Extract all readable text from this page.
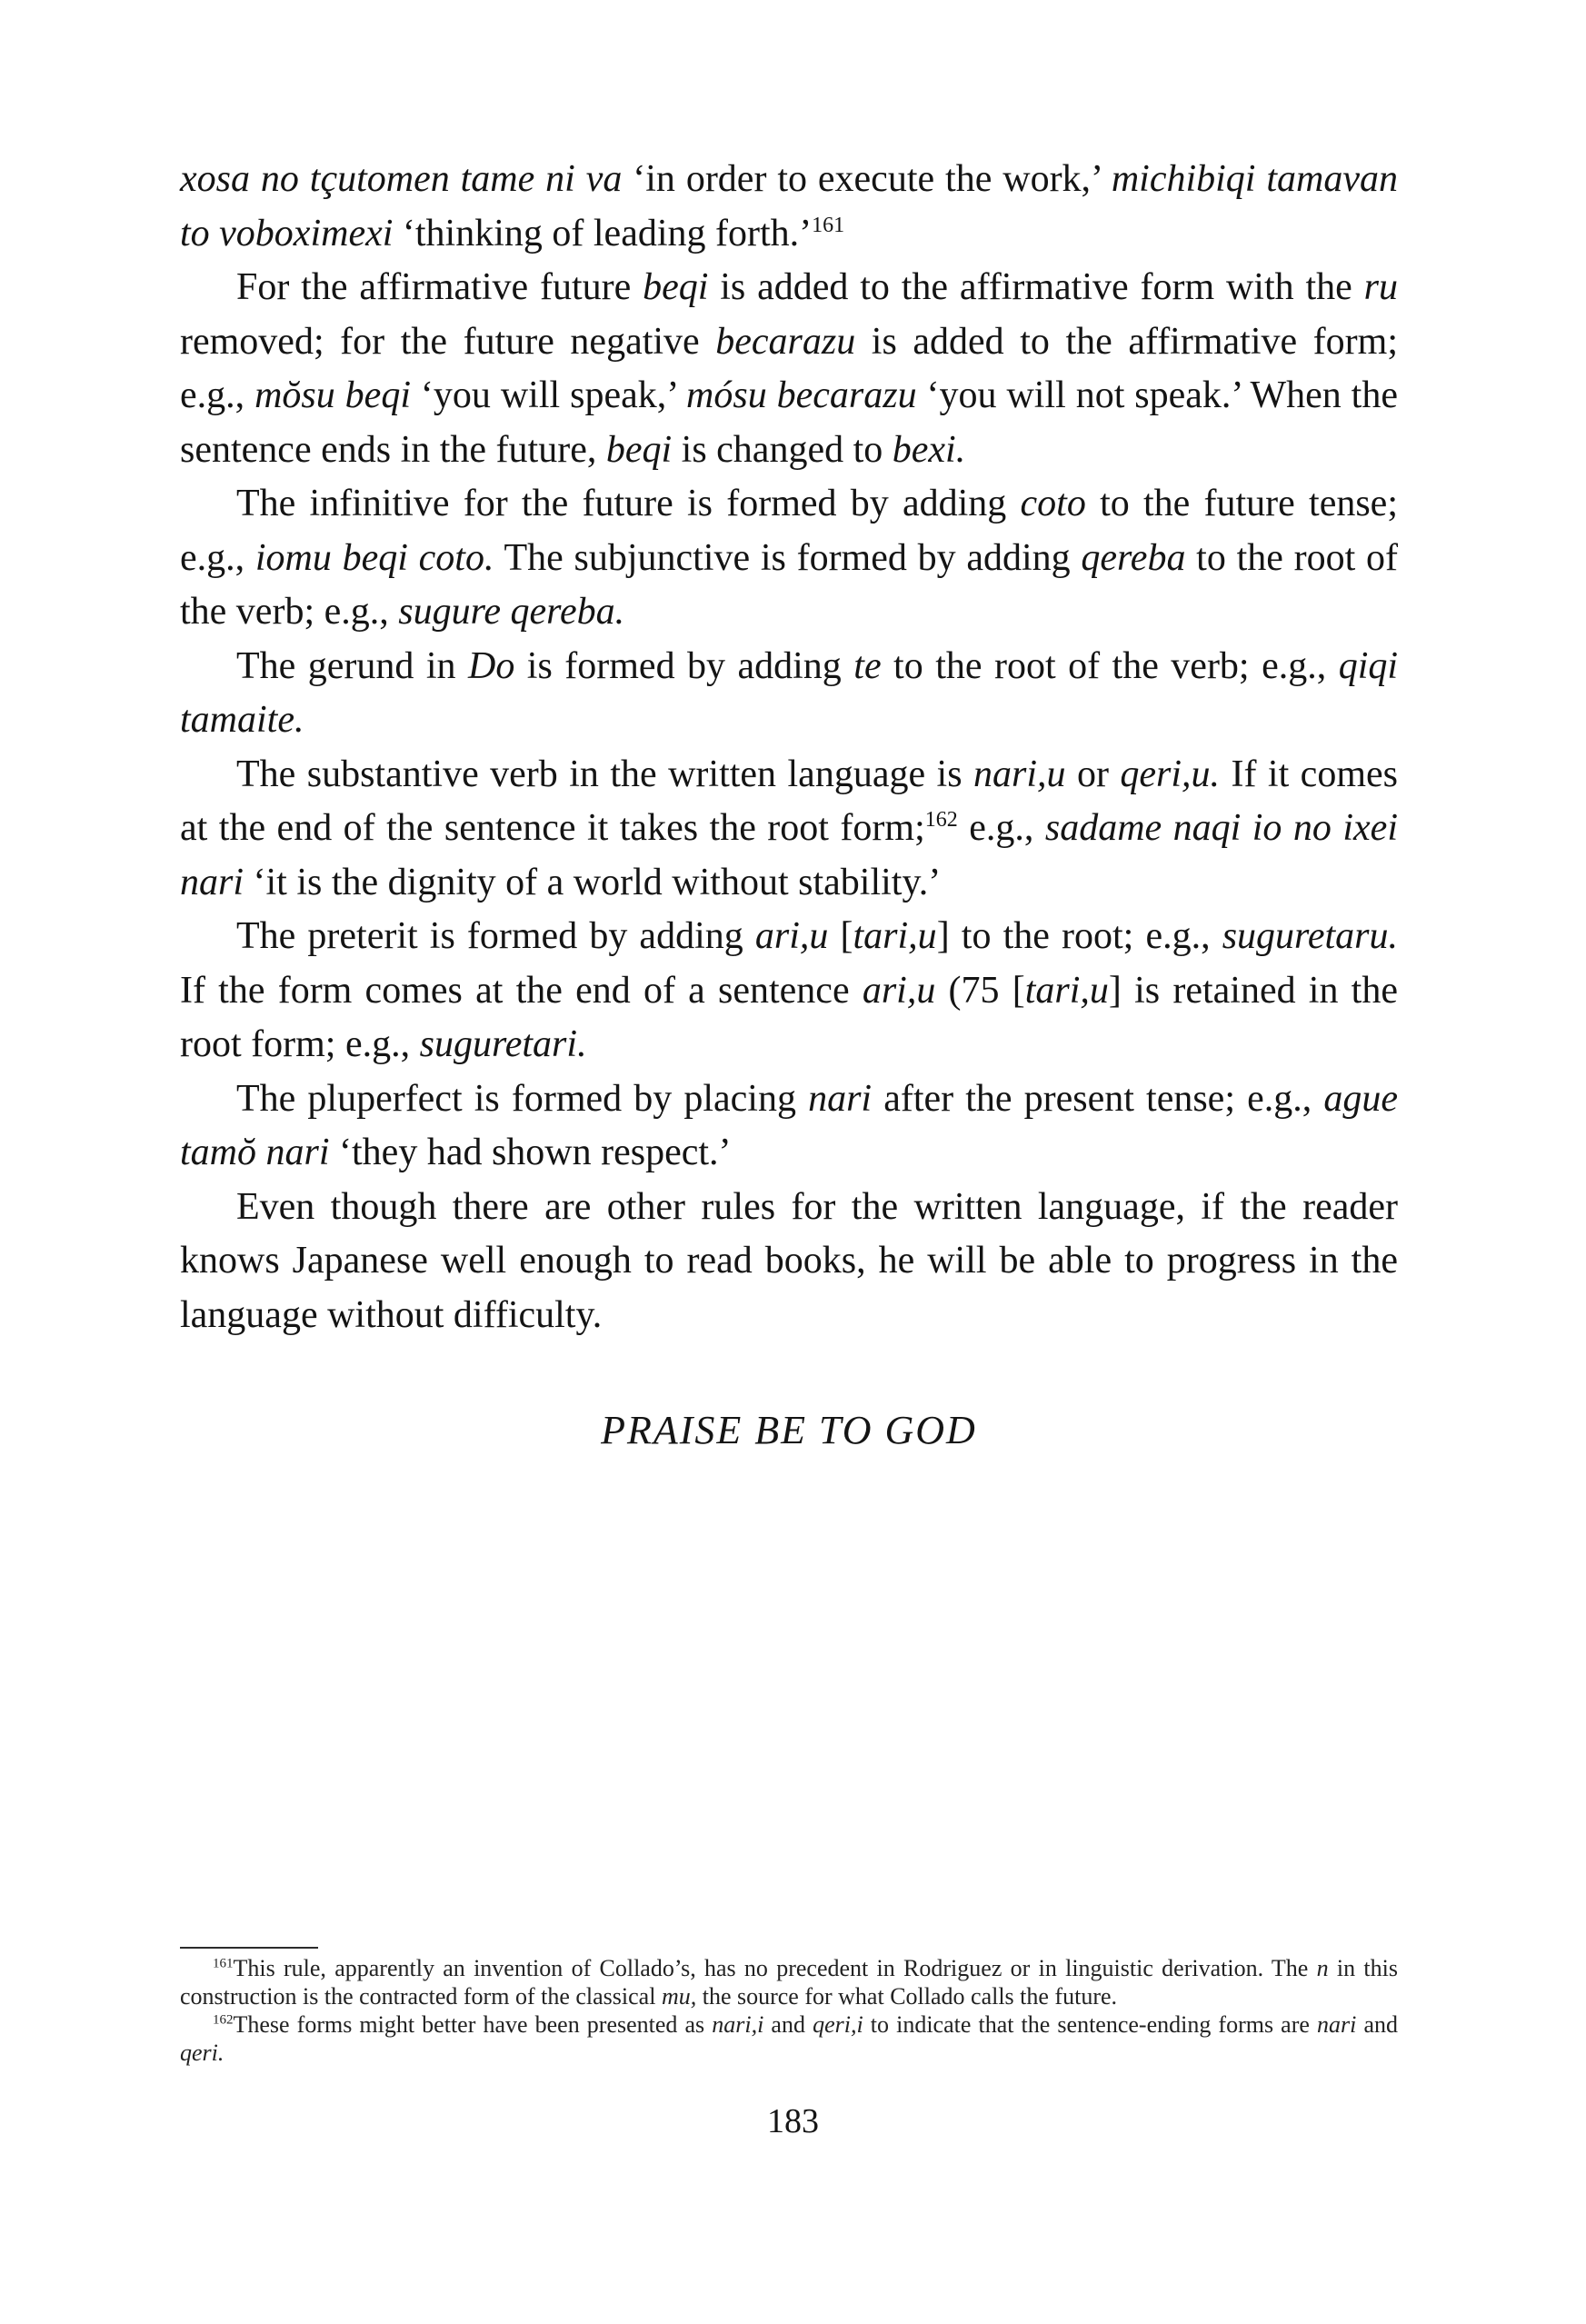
xosa no tçutomen tame ni va ‘in order to execute the work,’ michibiqi tamavan to voboximexi ‘thinking of leading forth.’$^{161}$

For the affirmative future beqi is added to the affirmative form with the ru removed; for the future negative becarazu is added to the affirmative form; e.g., mŏsu beqi ‘you will speak,’ mósu becarazu ‘you will not speak.’ When the sentence ends in the future, beqi is changed to bexi.

The infinitive for the future is formed by adding coto to the future tense; e.g., iomu beqi coto. The subjunctive is formed by adding qereba to the root of the verb; e.g., sugure qereba.

The gerund in Do is formed by adding te to the root of the verb; e.g., qiqi tamaite.

The substantive verb in the written language is nari,u or qeri,u. If it comes at the end of the sentence it takes the root form;$^{162}$ e.g., sadame naqi io no ixei nari ‘it is the dignity of a world without stability.’

The preterit is formed by adding ari,u [tari,u] to the root; e.g., suguretaru. If the form comes at the end of a sentence ari,u (75 [tari,u] is retained in the root form; e.g., suguretari.

The pluperfect is formed by placing nari after the present tense; e.g., ague tamŏ nari ‘they had shown respect.’

Even though there are other rules for the written language, if the reader knows Japanese well enough to read books, he will be able to progress in the language without difficulty.

PRAISE BE TO GOD

$^{161}$This rule, apparently an invention of Collado’s, has no precedent in Rodriguez or in linguistic derivation. The n in this construction is the contracted form of the classical mu, the source for what Collado calls the future.

$^{162}$These forms might better have been presented as nari,i and qeri,i to indicate that the sentence-ending forms are nari and qeri.

183
